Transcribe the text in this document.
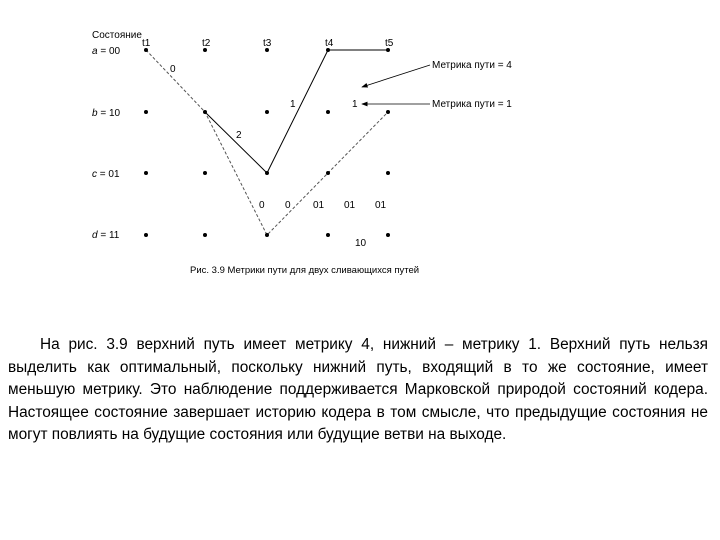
Состояние
a = 00
b = 10
c = 01
d = 11
t1	t2	t3	t4	t5
0
2
0 0 01 01 01
10
1	1
Метрика пути = 4
Метрика пути = 1
Рис. 3.9 Метрики пути для двух сливающихся путей

На рис. 3.9 верхний путь имеет метрику 4, нижний – метрику 1. Верхний путь нельзя выделить как оптимальный, поскольку нижний путь, входящий в то же состояние, имеет меньшую метрику. Это наблюдение поддерживается Марковской природой состояний кодера. Настоящее состояние завершает историю кодера в том смысле, что предыдущие состояния не могут повлиять на будущие состояния или будущие ветви на выходе.
